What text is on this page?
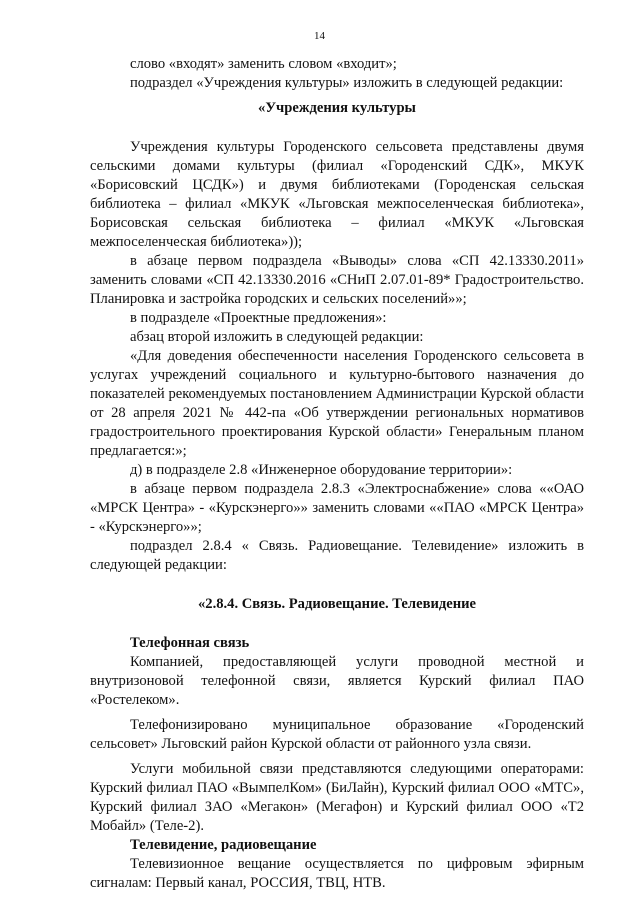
14

слово «входят» заменить словом «входит»;

подраздел «Учреждения культуры» изложить в следующей редакции:

«Учреждения культуры

Учреждения культуры Городенского сельсовета представлены двумя сельскими домами культуры (филиал «Городенский СДК», МКУК «Борисовский ЦСДК») и двумя библиотеками (Городенская сельская библиотека – филиал «МКУК «Льговская межпоселенческая библиотека», Борисовская сельская библиотека – филиал «МКУК «Льговская межпоселенческая библиотека»));

в абзаце первом подраздела «Выводы» слова «СП 42.13330.2011» заменить словами «СП 42.13330.2016 «СНиП 2.07.01-89* Градостроительство. Планировка и застройка городских и сельских поселений»»;

в подразделе «Проектные предложения»:

абзац второй изложить в следующей редакции:

«Для доведения обеспеченности населения Городенского сельсовета в услугах учреждений социального и культурно-бытового назначения до показателей рекомендуемых постановлением Администрации Курской области от 28 апреля 2021 № 442-па «Об утверждении региональных нормативов градостроительного проектирования Курской области» Генеральным планом предлагается:»;

д) в подразделе 2.8 «Инженерное оборудование территории»:

в абзаце первом подраздела 2.8.3 «Электроснабжение» слова ««ОАО «МРСК Центра» - «Курскэнерго»» заменить словами ««ПАО «МРСК Центра» - «Курскэнерго»»;

подраздел 2.8.4 « Связь. Радиовещание. Телевидение» изложить в следующей редакции:

«2.8.4. Связь. Радиовещание. Телевидение
Телефонная связь

Компанией, предоставляющей услуги проводной местной и внутризоновой телефонной связи, является Курский филиал ПАО «Ростелеком».

Телефонизировано муниципальное образование «Городенский сельсовет» Льговский район Курской области от районного узла связи.

Услуги мобильной связи представляются следующими операторами: Курский филиал ПАО «ВымпелКом» (БиЛайн), Курский филиал ООО «МТС», Курский филиал ЗАО «Мегакон» (Мегафон) и Курский филиал ООО «Т2 Мобайл» (Теле-2).

Телевидение, радиовещание

Телевизионное вещание осуществляется по цифровым эфирным сигналам: Первый канал, РОССИЯ, ТВЦ, НТВ.
